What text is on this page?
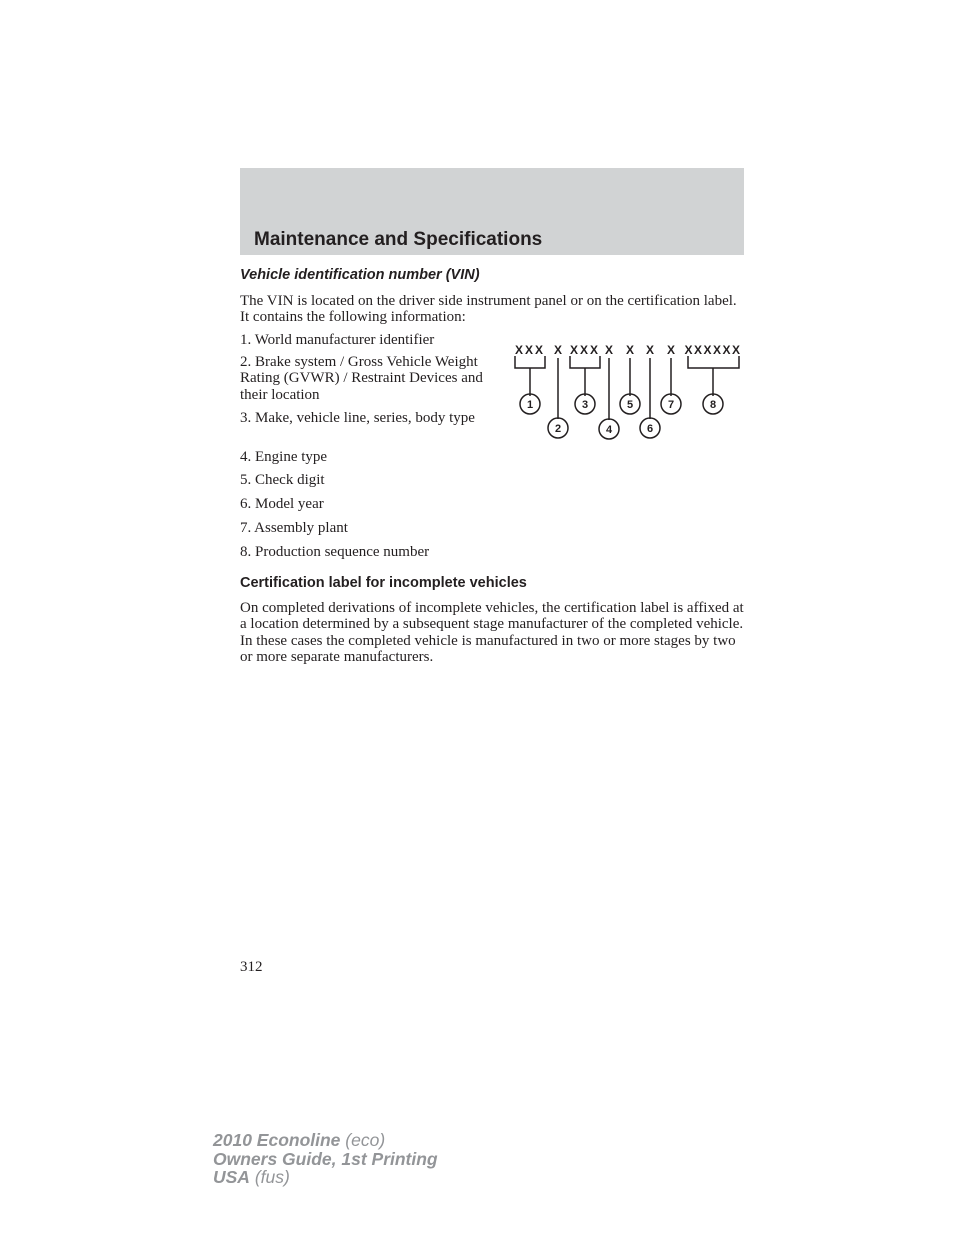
Maintenance and Specifications
Vehicle identification number (VIN)

The VIN is located on the driver side instrument panel or on the certification label. It contains the following information:

1. World manufacturer identifier
2. Brake system / Gross Vehicle Weight Rating (GVWR) / Restraint Devices and their location
3. Make, vehicle line, series, body type
4. Engine type
5. Check digit
6. Model year
7. Assembly plant
8. Production sequence number
XXX X XXX X X X X XXXXXX
1
2
3
4
5
6
7	8
Certification label for incomplete vehicles

On completed derivations of incomplete vehicles, the certification label is affixed at a location determined by a subsequent stage manufacturer of the completed vehicle. In these cases the completed vehicle is manufactured in two or more stages by two or more separate manufacturers.

312
2010 Econoline (eco)
Owners Guide, 1st Printing
USA (fus)
